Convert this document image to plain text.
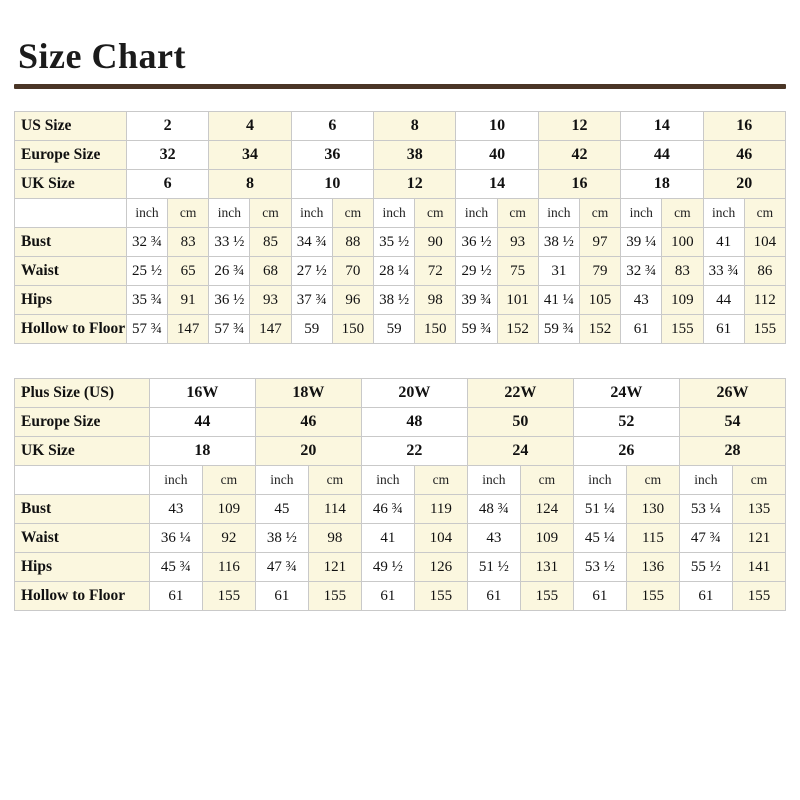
Size Chart
US Size	2		4		6		8		10		12		14		16	
Europe Size	32		34		36		38		40		42		44		46	
UK Size	6		8		10		12		14		16		18		20	
	inch	cm	inch	cm	inch	cm	inch	cm	inch	cm	inch	cm	inch	cm	inch	cm
Bust	32 ¾	83	33 ½	85	34 ¾	88	35 ½	90	36 ½	93	38 ½	97	39 ¼	100	41	104
Waist	25 ½	65	26 ¾	68	27 ½	70	28 ¼	72	29 ½	75	31	79	32 ¾	83	33 ¾	86
Hips	35 ¾	91	36 ½	93	37 ¾	96	38 ½	98	39 ¾	101	41 ¼	105	43	109	44	112
Hollow to Floor	57 ¾	147	57 ¾	147	59	150	59	150	59 ¾	152	59 ¾	152	61	155	61	155
Plus Size (US)	16W		18W		20W		22W		24W		26W	
Europe Size	44		46		48		50		52		54	
UK Size	18		20		22		24		26		28	
	inch	cm	inch	cm	inch	cm	inch	cm	inch	cm	inch	cm
Bust	43	109	45	114	46 ¾	119	48 ¾	124	51 ¼	130	53 ¼	135
Waist	36 ¼	92	38 ½	98	41	104	43	109	45 ¼	115	47 ¾	121
Hips	45 ¾	116	47 ¾	121	49 ½	126	51 ½	131	53 ½	136	55 ½	141
Hollow to Floor	61	155	61	155	61	155	61	155	61	155	61	155
